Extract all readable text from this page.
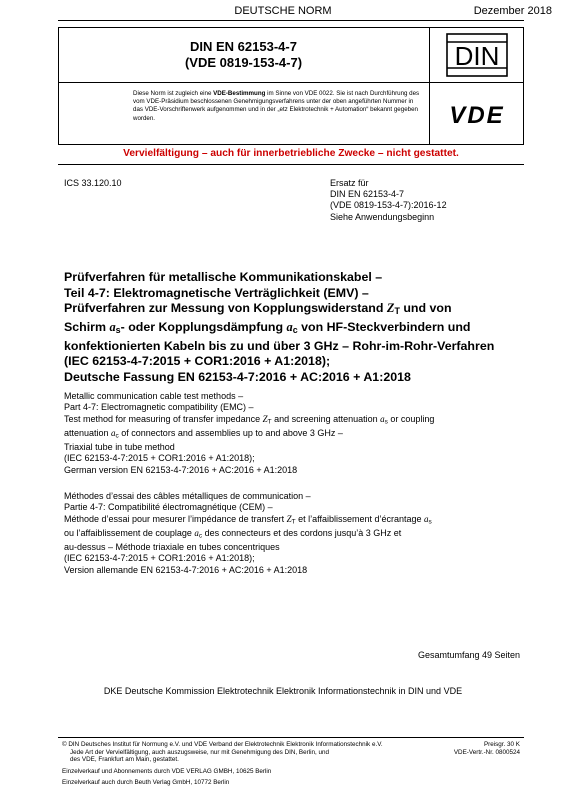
DEUTSCHE NORM	Dezember 2018
DIN EN 62153-4-7
(VDE 0819-153-4-7)	DIN
Diese Norm ist zugleich eine VDE-Bestimmung im Sinne von VDE 0022. Sie ist nach Durchführung des vom VDE-Präsidium beschlossenen Genehmigungsverfahrens unter der oben angeführten Nummer in das VDE-Vorschriftenwerk aufgenommen und in der „etz Elektrotechnik + Automation“ bekannt gegeben worden.	VDE
Vervielfältigung – auch für innerbetriebliche Zwecke – nicht gestattet.
ICS 33.120.10	Ersatz für
DIN EN 62153-4-7
(VDE 0819-153-4-7):2016-12
Siehe Anwendungsbeginn
Prüfverfahren für metallische Kommunikationskabel –
Teil 4-7: Elektromagnetische Verträglichkeit (EMV) –
Prüfverfahren zur Messung von Kopplungswiderstand $Z_T$ und von
Schirm $a_s-$ oder Kopplungsdämpfung $a_c$ von HF-Steckverbindern und
konfektionierten Kabeln bis zu und über 3 GHz – Rohr-im-Rohr-Verfahren
(IEC 62153-4-7:2015 + COR1:2016 + A1:2018);
Deutsche Fassung EN 62153-4-7:2016 + AC:2016 + A1:2018
Metallic communication cable test methods –
Part 4-7: Electromagnetic compatibility (EMC) –
Test method for measuring of transfer impedance $Z_T$ and screening attenuation $a_s$ or coupling
attenuation $a_c$ of connectors and assemblies up to and above 3 GHz –
Triaxial tube in tube method
(IEC 62153-4-7:2015 + COR1:2016 + A1:2018);
German version EN 62153-4-7:2016 + AC:2016 + A1:2018
Méthodes d’essai des câbles métalliques de communication –
Partie 4-7: Compatibilité électromagnétique (CEM) –
Méthode d’essai pour mesurer l’impédance de transfert $Z_T$ et l’affaiblissement d’écrantage $a_s$
ou l’affaiblissement de couplage $a_c$ des connecteurs et des cordons jusqu’à 3 GHz et
au-dessus – Méthode triaxiale en tubes concentriques
(IEC 62153-4-7:2015 + COR1:2016 + A1:2018);
Version allemande EN 62153-4-7:2016 + AC:2016 + A1:2018
Gesamtumfang 49 Seiten
DKE Deutsche Kommission Elektrotechnik Elektronik Informationstechnik in DIN und VDE
© DIN Deutsches Institut für Normung e.V. und VDE Verband der Elektrotechnik Elektronik Informationstechnik e.V.
Jede Art der Vervielfältigung, auch auszugsweise, nur mit Genehmigung des DIN, Berlin, und
des VDE, Frankfurt am Main, gestattet.
Preisgr. 30 K
VDE-Vertr.-Nr. 0800524
Einzelverkauf und Abonnements durch VDE VERLAG GMBH, 10625 Berlin
Einzelverkauf auch durch Beuth Verlag GmbH, 10772 Berlin
